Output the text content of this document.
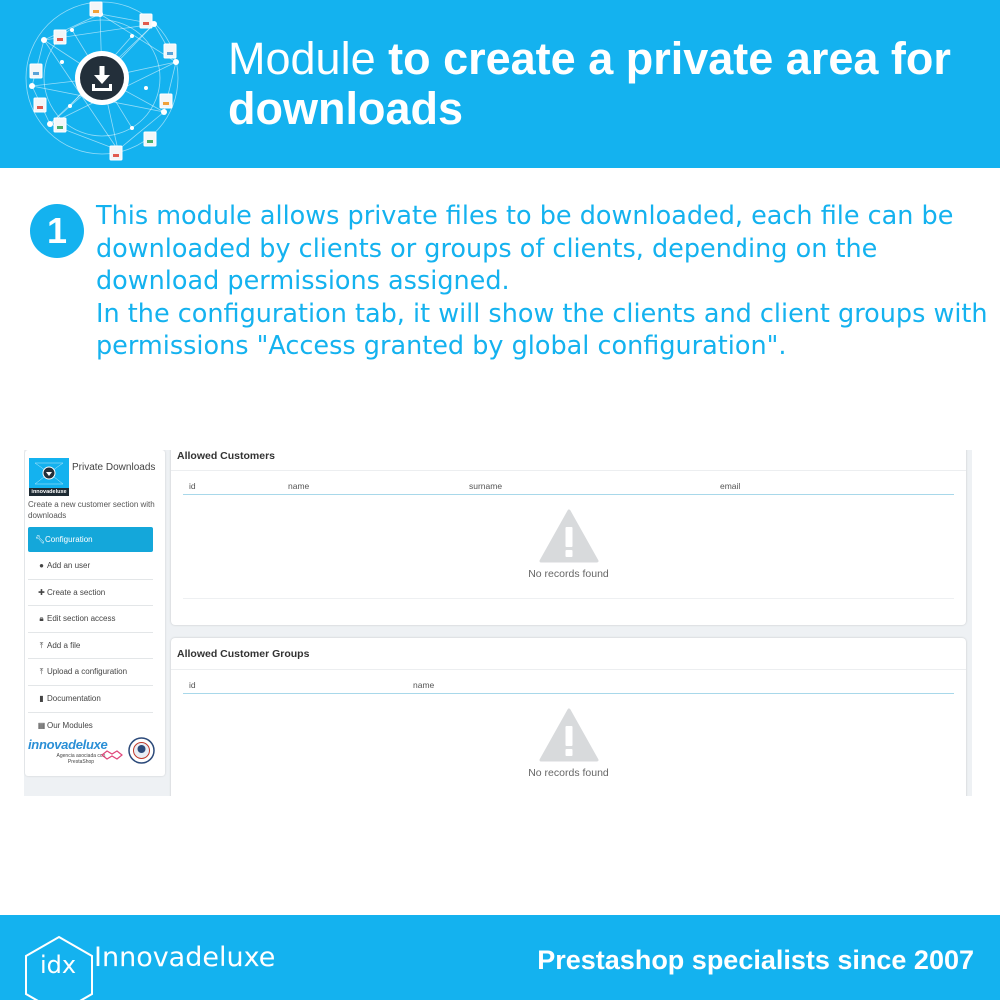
Module to create a private area for downloads
1	This module allows private files to be downloaded, each file can be downloaded by clients or groups of clients, depending on the download permissions assigned.

In the configuration tab, it will show the clients and client groups with permissions "Access granted by global configuration".

innovadeluxe
Private Downloads
Create a new customer section with downloads
🔧︎Configuration
● Add an user
✚ Create a section
🔒︎ Edit section access
⤒ Add a file
⤒ Upload a configuration
▮ Documentation
▦ Our Modules
innovadeluxe
Agencia asociada con PrestaShop
Allowed Customers
id	name	surname	email
No records found
Allowed Customer Groups
id	name
No records found
idx Innovadeluxe	Prestashop specialists since 2007
